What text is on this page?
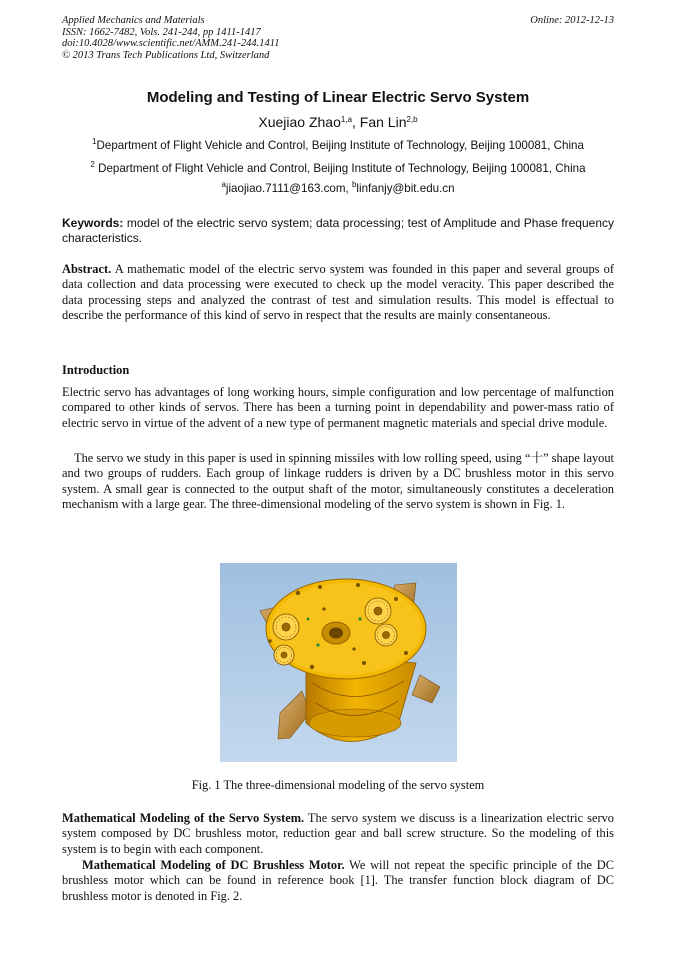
Applied Mechanics and Materials
ISSN: 1662-7482, Vols. 241-244, pp 1411-1417
doi:10.4028/www.scientific.net/AMM.241-244.1411
© 2013 Trans Tech Publications Ltd, Switzerland
Online: 2012-12-13
Modeling and Testing of Linear Electric Servo System
Xuejiao Zhao$^{1,a}$, Fan Lin$^{2,b}$
$^1$Department of Flight Vehicle and Control, Beijing Institute of Technology, Beijing 100081, China
$^2$ Department of Flight Vehicle and Control, Beijing Institute of Technology, Beijing 100081, China
$^a$jiaojiao.7111@163.com, $^b$linfanjy@bit.edu.cn
Keywords: model of the electric servo system; data processing; test of Amplitude and Phase frequency characteristics.
Abstract. A mathematic model of the electric servo system was founded in this paper and several groups of data collection and data processing were executed to check up the model veracity. This paper described the data processing steps and analyzed the contrast of test and simulation results. This model is effectual to describe the performance of this kind of servo in respect that the results are mainly consentaneous.
Introduction
Electric servo has advantages of long working hours, simple configuration and low percentage of malfunction compared to other kinds of servos. There has been a turning point in dependability and power-mass ratio of electric servo in virtue of the advent of a new type of permanent magnetic materials and special drive module.
The servo we study in this paper is used in spinning missiles with low rolling speed, using “十” shape layout and two groups of rudders. Each group of linkage rudders is driven by a DC brushless motor in this servo system. A small gear is connected to the output shaft of the motor, simultaneously constitutes a deceleration mechanism with a large gear. The three-dimensional modeling of the servo system is shown in Fig. 1.
Fig. 1 The three-dimensional modeling of the servo system
Mathematical Modeling of the Servo System. The servo system we discuss is a linearization electric servo system composed by DC brushless motor, reduction gear and ball screw structure. So the modeling of this system is to begin with each component.
Mathematical Modeling of DC Brushless Motor. We will not repeat the specific principle of the DC brushless motor which can be found in reference book [1]. The transfer function block diagram of DC brushless motor is denoted in Fig. 2.
